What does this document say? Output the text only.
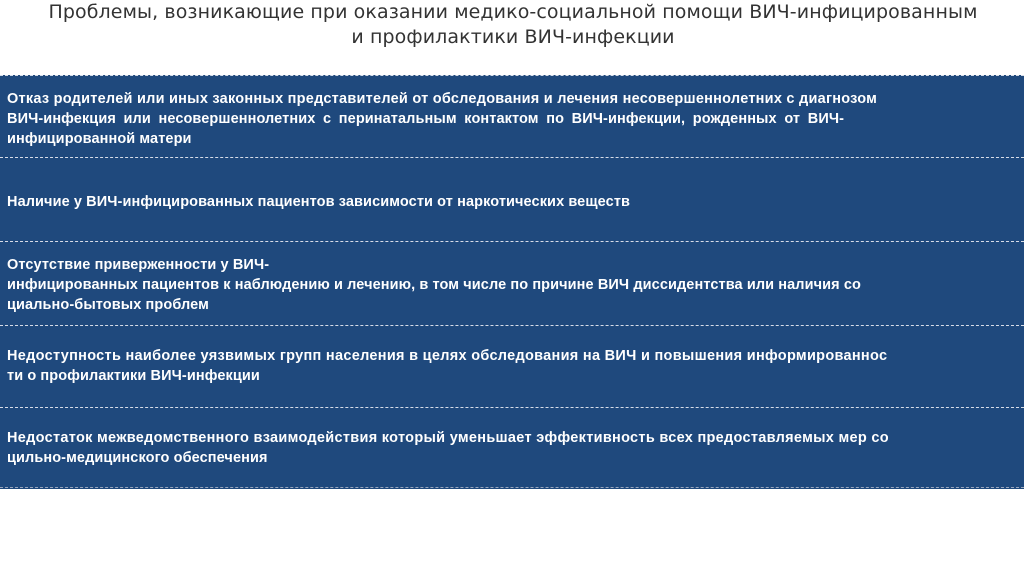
Проблемы, возникающие при оказании медико-социальной помощи ВИЧ-инфицированным
и профилактики ВИЧ-инфекции
Отказ родителей или иных законных представителей от обследования и лечения несовершеннолетних с диагнозом
ВИЧ-инфекция или несовершеннолетних с перинатальным контактом по ВИЧ-инфекции, рожденных от ВИЧ-
инфицированной матери
Наличие у ВИЧ-инфицированных пациентов зависимости от наркотических веществ
Отсутствие приверженности у ВИЧ-
инфицированных пациентов к наблюдению и лечению, в том числе по причине ВИЧ диссидентства или наличия со
циально-бытовых проблем
Недоступность наиболее уязвимых групп населения в целях обследования на ВИЧ и повышения информированнос
ти о профилактики ВИЧ-инфекции
Недостаток межведомственного взаимодействия который уменьшает эффективность всех предоставляемых мер со
цильно-медицинского обеспечения
